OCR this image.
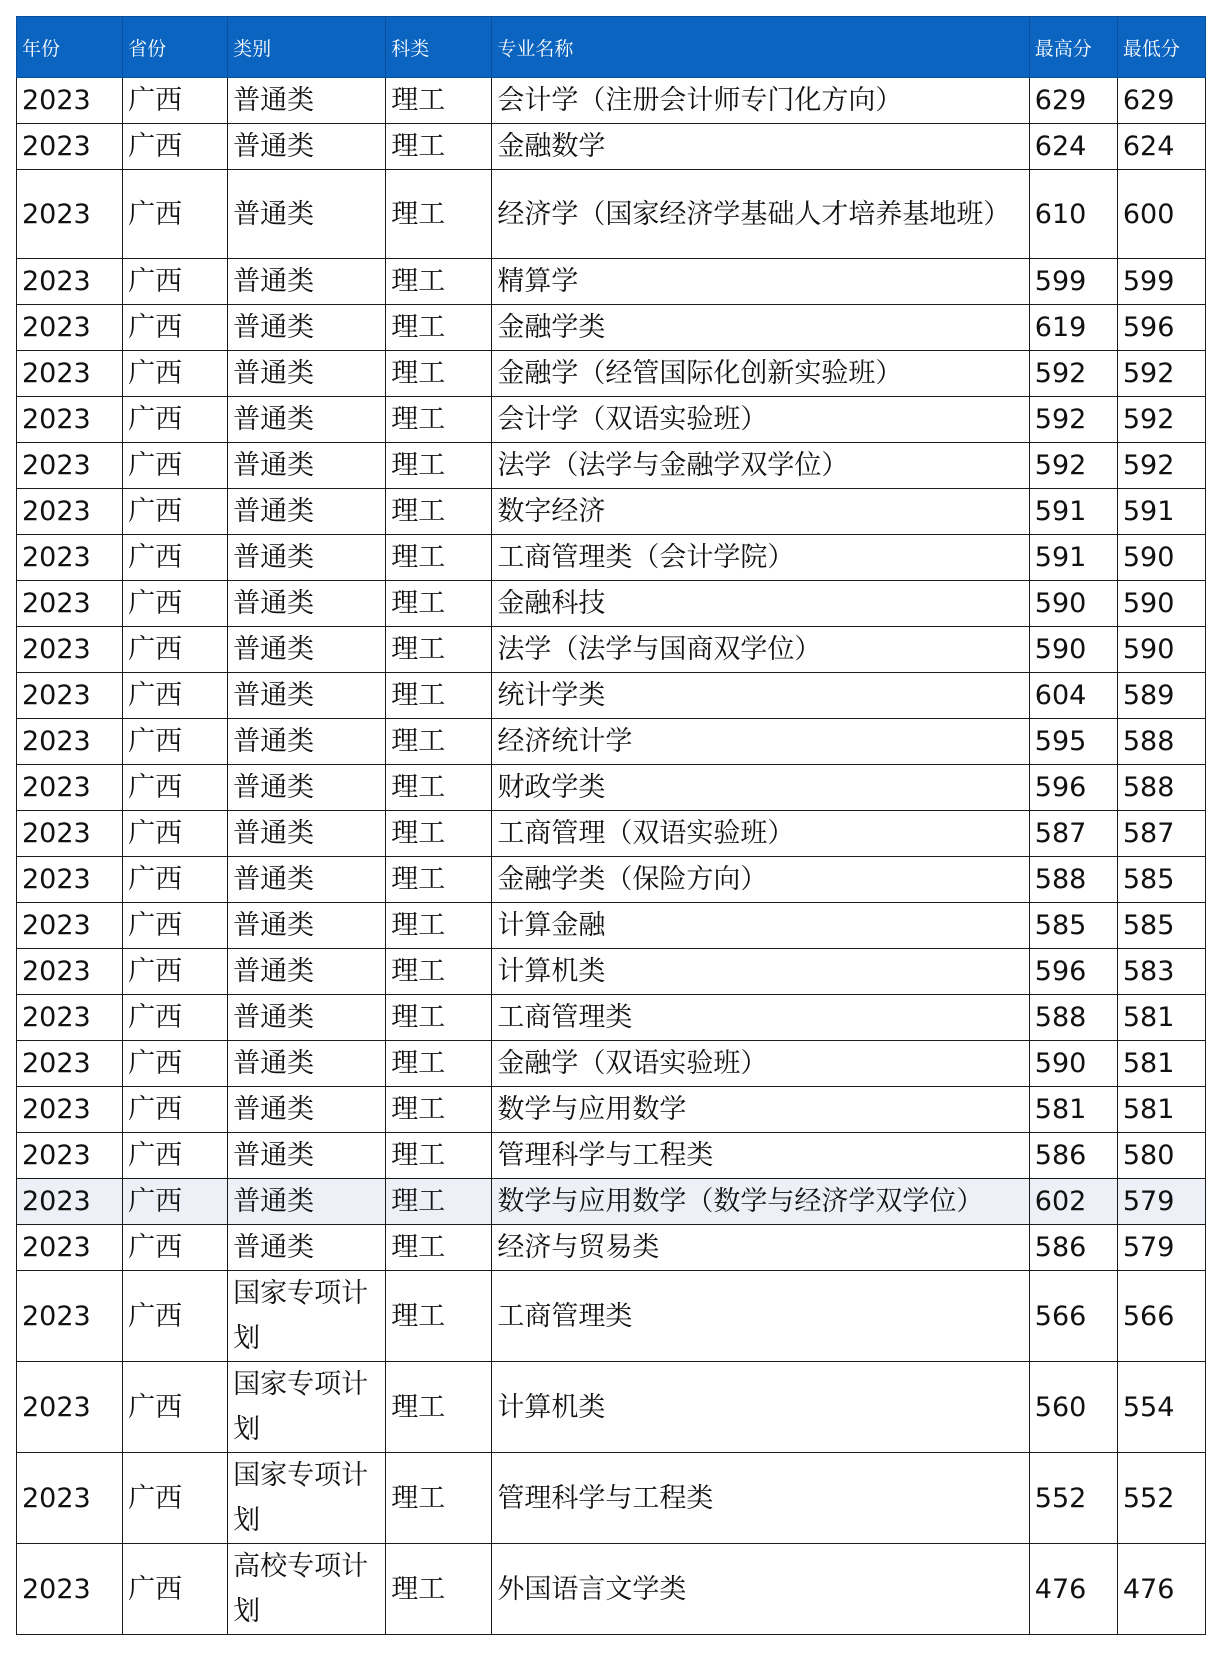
年份	省份	类别	科类	专业名称	最高分	最低分
2023	广西	普通类	理工	会计学（注册会计师专门化方向）	629	629
2023	广西	普通类	理工	金融数学	624	624
2023	广西	普通类	理工	经济学（国家经济学基础人才培养基地班）	610	600
2023	广西	普通类	理工	精算学	599	599
2023	广西	普通类	理工	金融学类	619	596
2023	广西	普通类	理工	金融学（经管国际化创新实验班）	592	592
2023	广西	普通类	理工	会计学（双语实验班）	592	592
2023	广西	普通类	理工	法学（法学与金融学双学位）	592	592
2023	广西	普通类	理工	数字经济	591	591
2023	广西	普通类	理工	工商管理类（会计学院）	591	590
2023	广西	普通类	理工	金融科技	590	590
2023	广西	普通类	理工	法学（法学与国商双学位）	590	590
2023	广西	普通类	理工	统计学类	604	589
2023	广西	普通类	理工	经济统计学	595	588
2023	广西	普通类	理工	财政学类	596	588
2023	广西	普通类	理工	工商管理（双语实验班）	587	587
2023	广西	普通类	理工	金融学类（保险方向）	588	585
2023	广西	普通类	理工	计算金融	585	585
2023	广西	普通类	理工	计算机类	596	583
2023	广西	普通类	理工	工商管理类	588	581
2023	广西	普通类	理工	金融学（双语实验班）	590	581
2023	广西	普通类	理工	数学与应用数学	581	581
2023	广西	普通类	理工	管理科学与工程类	586	580
2023	广西	普通类	理工	数学与应用数学（数学与经济学双学位）	602	579
2023	广西	普通类	理工	经济与贸易类	586	579
2023	广西	国家专项计划	理工	工商管理类	566	566
2023	广西	国家专项计划	理工	计算机类	560	554
2023	广西	国家专项计划	理工	管理科学与工程类	552	552
2023	广西	高校专项计划	理工	外国语言文学类	476	476
